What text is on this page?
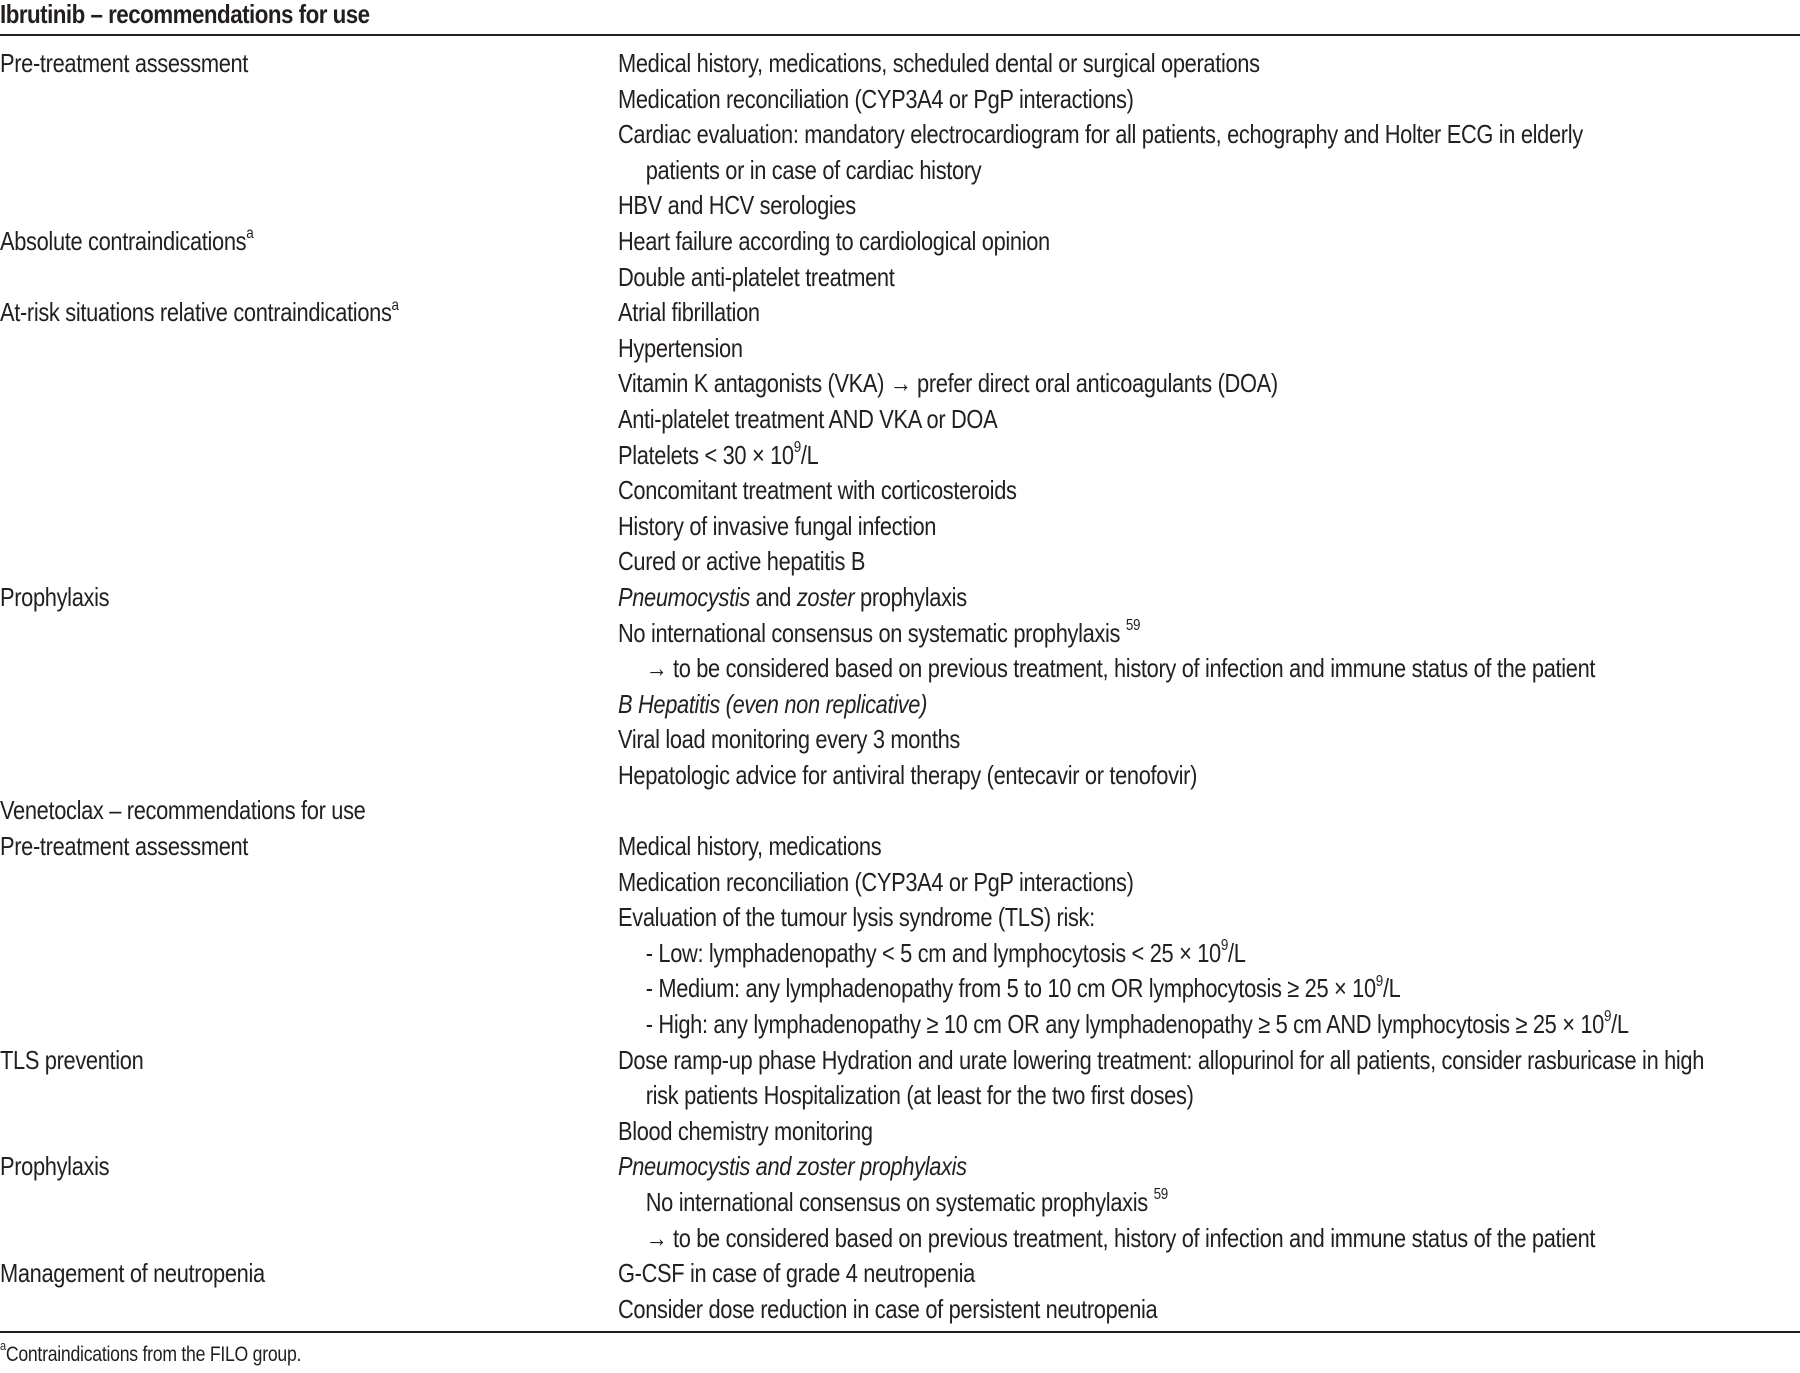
Ibrutinib – recommendations for use
Pre-treatment assessment	Medical history, medications, scheduled dental or surgical operations
Medication reconciliation (CYP3A4 or PgP interactions)
Cardiac evaluation: mandatory electrocardiogram for all patients, echography and Holter ECG in elderly
patients or in case of cardiac history
HBV and HCV serologies
Absolute contraindications$^a$	Heart failure according to cardiological opinion
Double anti-platelet treatment
At-risk situations relative contraindications$^a$	Atrial fibrillation
Hypertension
Vitamin K antagonists (VKA) → prefer direct oral anticoagulants (DOA)
Anti-platelet treatment AND VKA or DOA
Platelets < $30 \times 10^9/L$
Concomitant treatment with corticosteroids
History of invasive fungal infection
Cured or active hepatitis B
Prophylaxis	Pneumocystis and zoster prophylaxis
No international consensus on systematic prophylaxis $^{59}$
→ to be considered based on previous treatment, history of infection and immune status of the patient
B Hepatitis (even non replicative)
Viral load monitoring every 3 months
Hepatologic advice for antiviral therapy (entecavir or tenofovir)
Venetoclax – recommendations for use

Pre-treatment assessment	Medical history, medications
Medication reconciliation (CYP3A4 or PgP interactions)
Evaluation of the tumour lysis syndrome (TLS) risk:
- Low: lymphadenopathy < 5 cm and lymphocytosis < $25 \times 10^9/L$
- Medium: any lymphadenopathy from 5 to 10 cm OR lymphocytosis ≥ $25 \times 10^9/L$
- High: any lymphadenopathy ≥ 10 cm OR any lymphadenopathy ≥ 5 cm AND lymphocytosis ≥ $25 \times 10^9/L$
TLS prevention	Dose ramp-up phase Hydration and urate lowering treatment: allopurinol for all patients, consider rasburicase in high
risk patients Hospitalization (at least for the two first doses)
Blood chemistry monitoring
Prophylaxis	Pneumocystis and zoster prophylaxis
No international consensus on systematic prophylaxis $^{59}$
→ to be considered based on previous treatment, history of infection and immune status of the patient
Management of neutropenia	G-CSF in case of grade 4 neutropenia
Consider dose reduction in case of persistent neutropenia
$^a$Contraindications from the FILO group.
